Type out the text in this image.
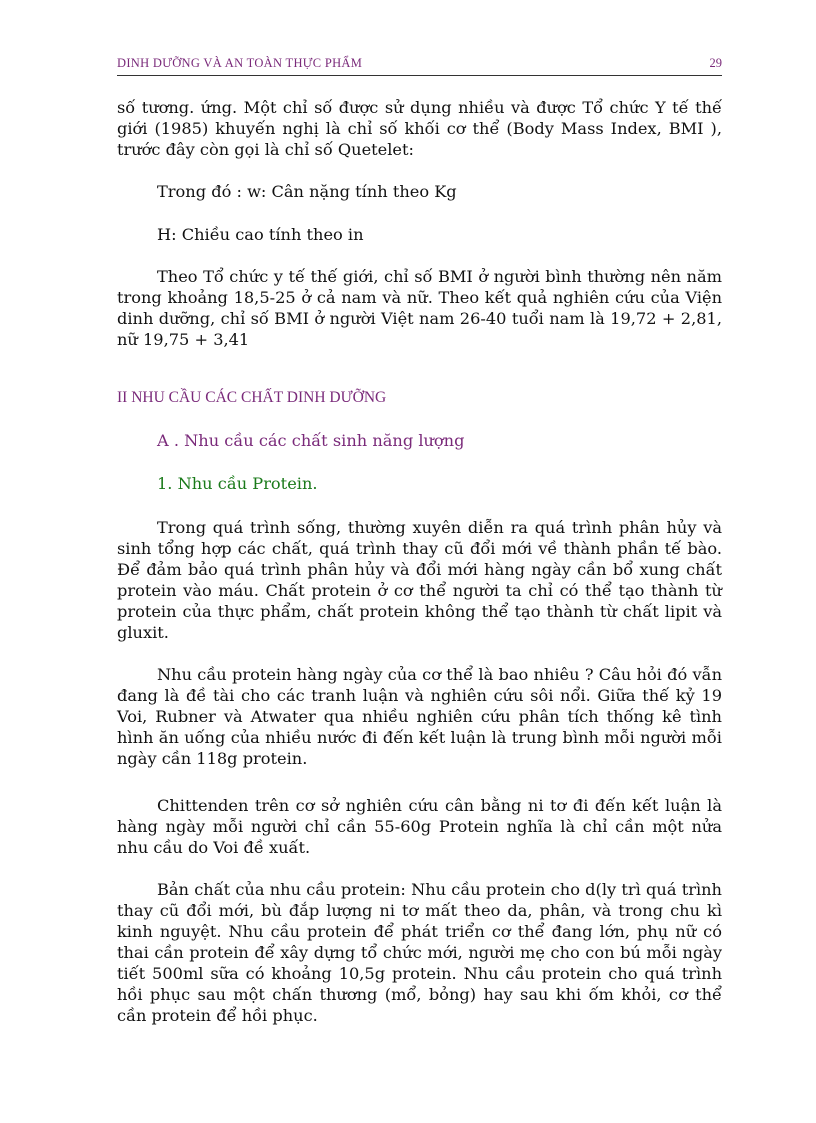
DINH DƯỠNG VÀ AN TOÀN THỰC PHẨM	29

số tương. ứng. Một chỉ số được sử dụng nhiều và được Tổ chức Y tế thế giới (1985) khuyến nghị là chỉ số khối cơ thể (Body Mass Index, BMI ), trước đây còn gọi là chỉ số Quetelet:

Trong đó : w: Cân nặng tính theo Kg

H: Chiều cao tính theo in

Theo Tổ chức y tế thế giới, chỉ số BMI ở người bình thường nên năm trong khoảng 18,5-25 ở cả nam và nữ. Theo kết quả nghiên cứu của Viện dinh dưỡng, chỉ số BMI ở người Việt nam 26-40 tuổi nam là 19,72 + 2,81, nữ 19,75 + 3,41

II NHU CẦU CÁC CHẤT DINH DƯỠNG

A . Nhu cầu các chất sinh năng lượng

1. Nhu cầu Protein.

Trong quá trình sống, thường xuyên diễn ra quá trình phân hủy và sinh tổng hợp các chất, quá trình thay cũ đổi mới về thành phần tế bào. Để đảm bảo quá trình phân hủy và đổi mới hàng ngày cần bổ xung chất protein vào máu. Chất protein ở cơ thể người ta chỉ có thể tạo thành từ protein của thực phẩm, chất protein không thể tạo thành từ chất lipit và gluxit.

Nhu cầu protein hàng ngày của cơ thể là bao nhiêu ? Câu hỏi đó vẫn đang là đề tài cho các tranh luận và nghiên cứu sôi nổi. Giữa thế kỷ 19 Voi, Rubner và Atwater qua nhiều nghiên cứu phân tích thống kê tình hình ăn uống của nhiều nước đi đến kết luận là trung bình mỗi người mỗi ngày cần 118g protein.

Chittenden trên cơ sở nghiên cứu cân bằng ni tơ đi đến kết luận là hàng ngày mỗi người chỉ cần 55-60g Protein nghĩa là chỉ cần một nửa nhu cầu do Voi đề xuất.

Bản chất của nhu cầu protein: Nhu cầu protein cho d(ly trì quá trình thay cũ đổi mới, bù đắp lượng ni tơ mất theo da, phân, và trong chu kì kinh nguyệt. Nhu cầu protein để phát triển cơ thể đang lớn, phụ nữ có thai cần protein để xây dựng tổ chức mới, người mẹ cho con bú mỗi ngày tiết 500ml sữa có khoảng 10,5g protein. Nhu cầu protein cho quá trình hồi phục sau một chấn thương (mổ, bỏng) hay sau khi ốm khỏi, cơ thể cần protein để hồi phục.
